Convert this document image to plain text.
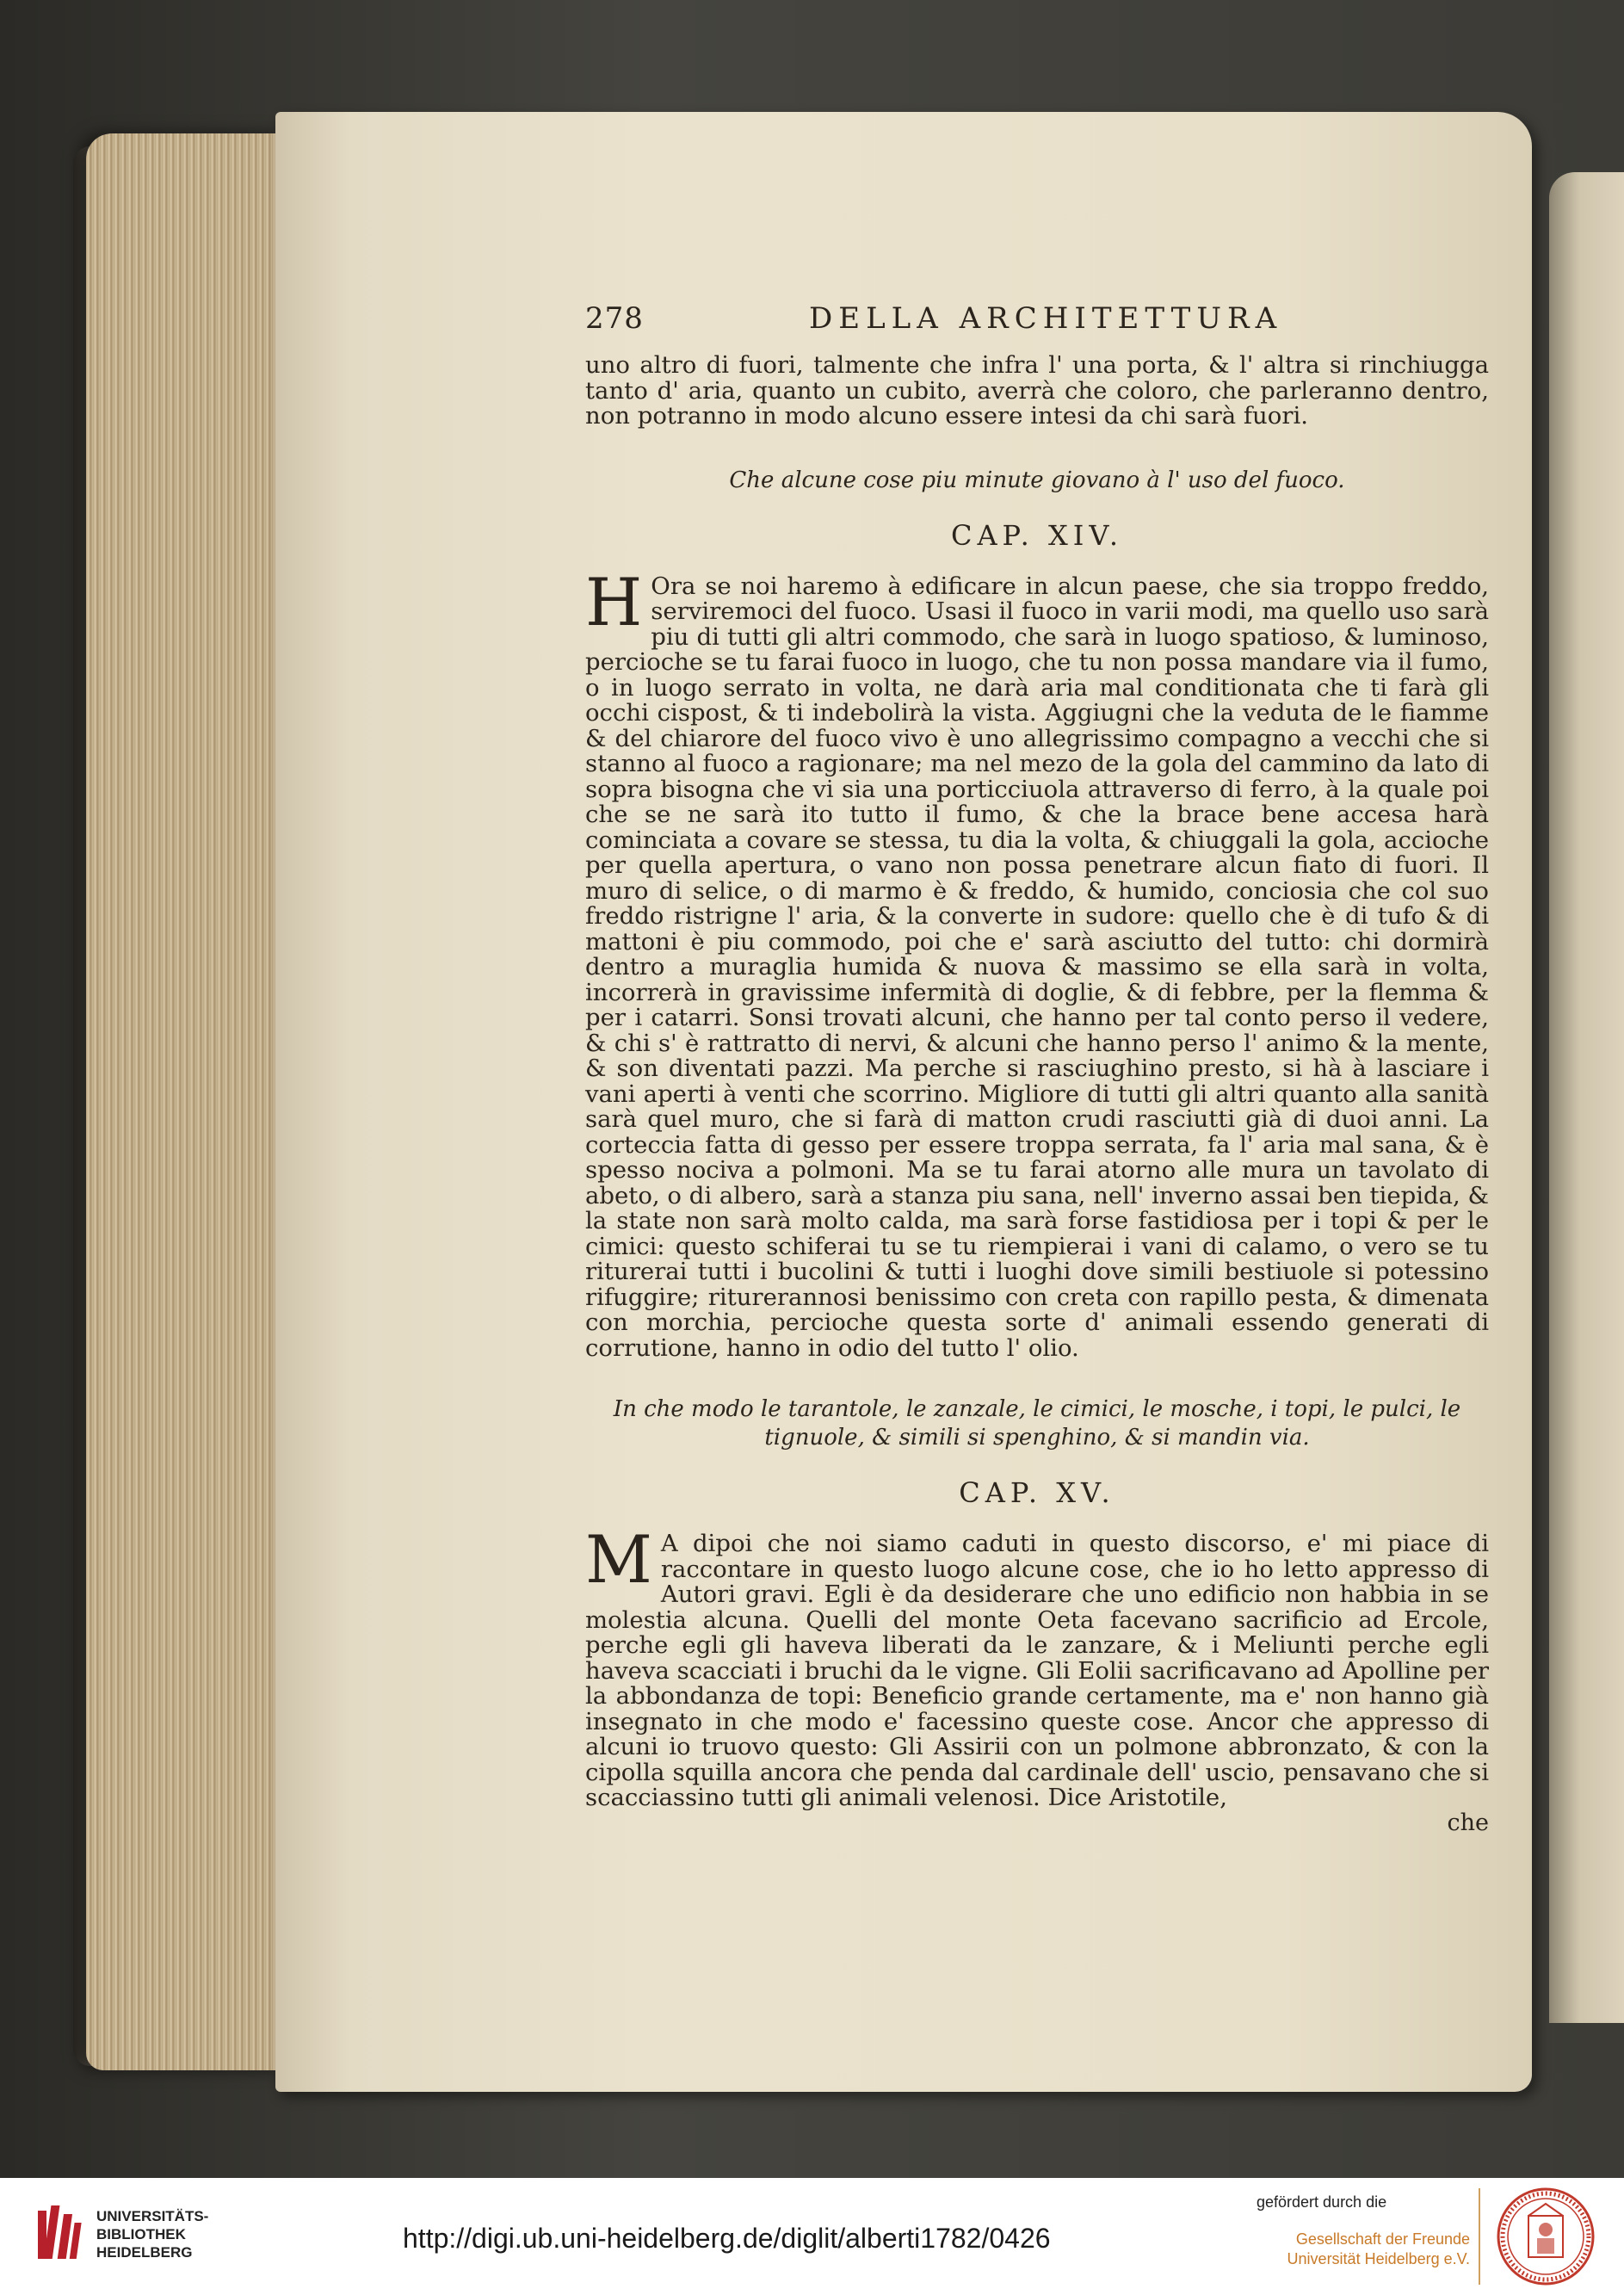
278	DELLA ARCHITETTURA

uno altro di fuori, talmente che infra l' una porta, & l' altra si rinchiugga tanto d' aria, quanto un cubito, averrà che coloro, che parleranno dentro, non potranno in modo alcuno essere intesi da chi sarà fuori.

Che alcune cose piu minute giovano à l' uso del fuoco.

CAP. XIV.

H Ora se noi haremo à edificare in alcun paese, che sia troppo freddo, serviremoci del fuoco. Usasi il fuoco in varii modi, ma quello uso sarà piu di tutti gli altri commodo, che sarà in luogo spatioso, & luminoso, percioche se tu farai fuoco in luogo, che tu non possa mandare via il fumo, o in luogo serrato in volta, ne darà aria mal conditionata che ti farà gli occhi cispost, & ti indebolirà la vista. Aggiugni che la veduta de le fiamme & del chiarore del fuoco vivo è uno allegrissimo compagno a vecchi che si stanno al fuoco a ragionare; ma nel mezo de la gola del cammino da lato di sopra bisogna che vi sia una porticciuola attraverso di ferro, à la quale poi che se ne sarà ito tutto il fumo, & che la brace bene accesa harà cominciata a covare se stessa, tu dia la volta, & chiuggali la gola, accioche per quella apertura, o vano non possa penetrare alcun fiato di fuori. Il muro di selice, o di marmo è & freddo, & humido, conciosia che col suo freddo ristrigne l' aria, & la converte in sudore: quello che è di tufo & di mattoni è piu commodo, poi che e' sarà asciutto del tutto: chi dormirà dentro a muraglia humida & nuova & massimo se ella sarà in volta, incorrerà in gravissime infermità di doglie, & di febbre, per la flemma & per i catarri. Sonsi trovati alcuni, che hanno per tal conto perso il vedere, & chi s' è rattratto di nervi, & alcuni che hanno perso l' animo & la mente, & son diventati pazzi. Ma perche si rasciughino presto, si hà à lasciare i vani aperti à venti che scorrino. Migliore di tutti gli altri quanto alla sanità sarà quel muro, che si farà di matton crudi rasciutti già di duoi anni. La corteccia fatta di gesso per essere troppa serrata, fa l' aria mal sana, & è spesso nociva a polmoni. Ma se tu farai atorno alle mura un tavolato di abeto, o di albero, sarà a stanza piu sana, nell' inverno assai ben tiepida, & la state non sarà molto calda, ma sarà forse fastidiosa per i topi & per le cimici: questo schiferai tu se tu riempierai i vani di calamo, o vero se tu riturerai tutti i bucolini & tutti i luoghi dove simili bestiuole si potessino rifuggire; riturerannosi benissimo con creta con rapillo pesta, & dimenata con morchia, percioche questa sorte d' animali essendo generati di corrutione, hanno in odio del tutto l' olio.

In che modo le tarantole, le zanzale, le cimici, le mosche, i topi, le pulci, le tignuole, & simili si spenghino, & si mandin via.

CAP. XV.

M A dipoi che noi siamo caduti in questo discorso, e' mi piace di raccontare in questo luogo alcune cose, che io ho letto appresso di Autori gravi. Egli è da desiderare che uno edificio non habbia in se molestia alcuna. Quelli del monte Oeta facevano sacrificio ad Ercole, perche egli gli haveva liberati da le zanzare, & i Meliunti perche egli haveva scacciati i bruchi da le vigne. Gli Eolii sacrificavano ad Apolline per la abbondanza de topi: Beneficio grande certamente, ma e' non hanno già insegnato in che modo e' facessino queste cose. Ancor che appresso di alcuni io truovo questo: Gli Assirii con un polmone abbronzato, & con la cipolla squilla ancora che penda dal cardinale dell' uscio, pensavano che si scacciassino tutti gli animali velenosi. Dice Aristotile,

che
UNIVERSITÄTS-
BIBLIOTHEK
HEIDELBERG	http://digi.ub.uni-heidelberg.de/diglit/alberti1782/0426
gefördert durch die
Gesellschaft der Freunde
Universität Heidelberg e.V.
